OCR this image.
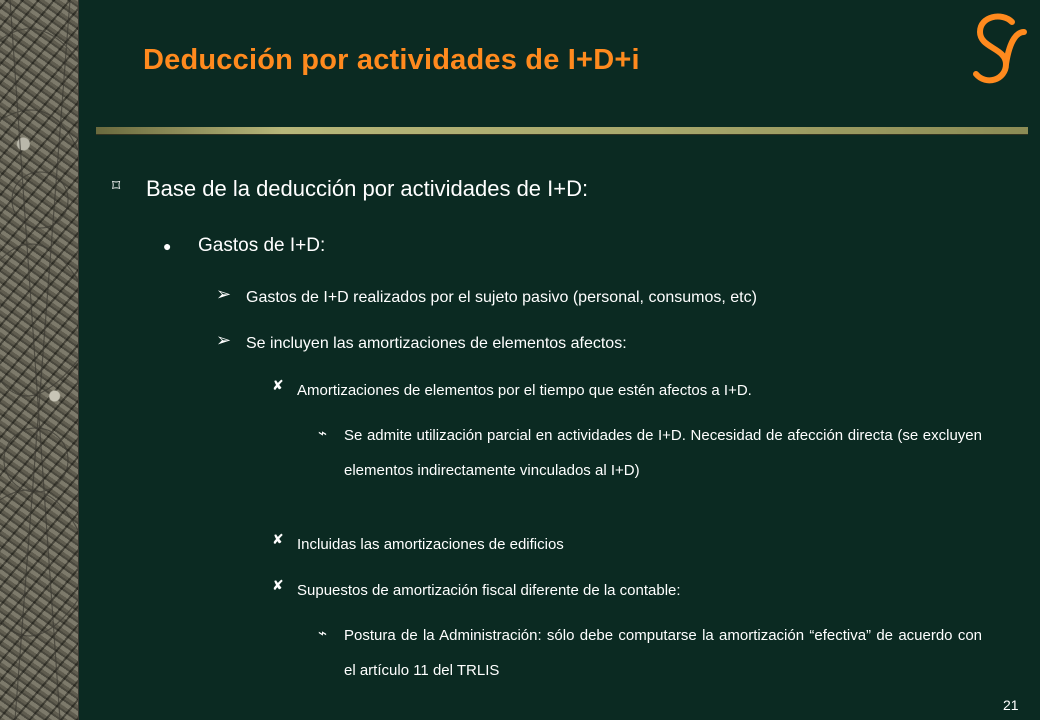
Deducción por actividades de I+D+i
⌑ Base de la deducción por actividades de I+D:
● Gastos de I+D:
➢ Gastos de I+D realizados por el sujeto pasivo (personal, consumos, etc)
➢ Se incluyen las amortizaciones de elementos afectos:
✘ Amortizaciones de elementos por el tiempo que estén afectos a I+D.
⌁ Se admite utilización parcial en actividades de I+D. Necesidad de afección directa (se excluyen elementos indirectamente vinculados al I+D)
✘ Incluidas las amortizaciones de edificios
✘ Supuestos de amortización fiscal diferente de la contable:
⌁ Postura de la Administración: sólo debe computarse la amortización “efectiva” de acuerdo con el artículo 11 del TRLIS
21
